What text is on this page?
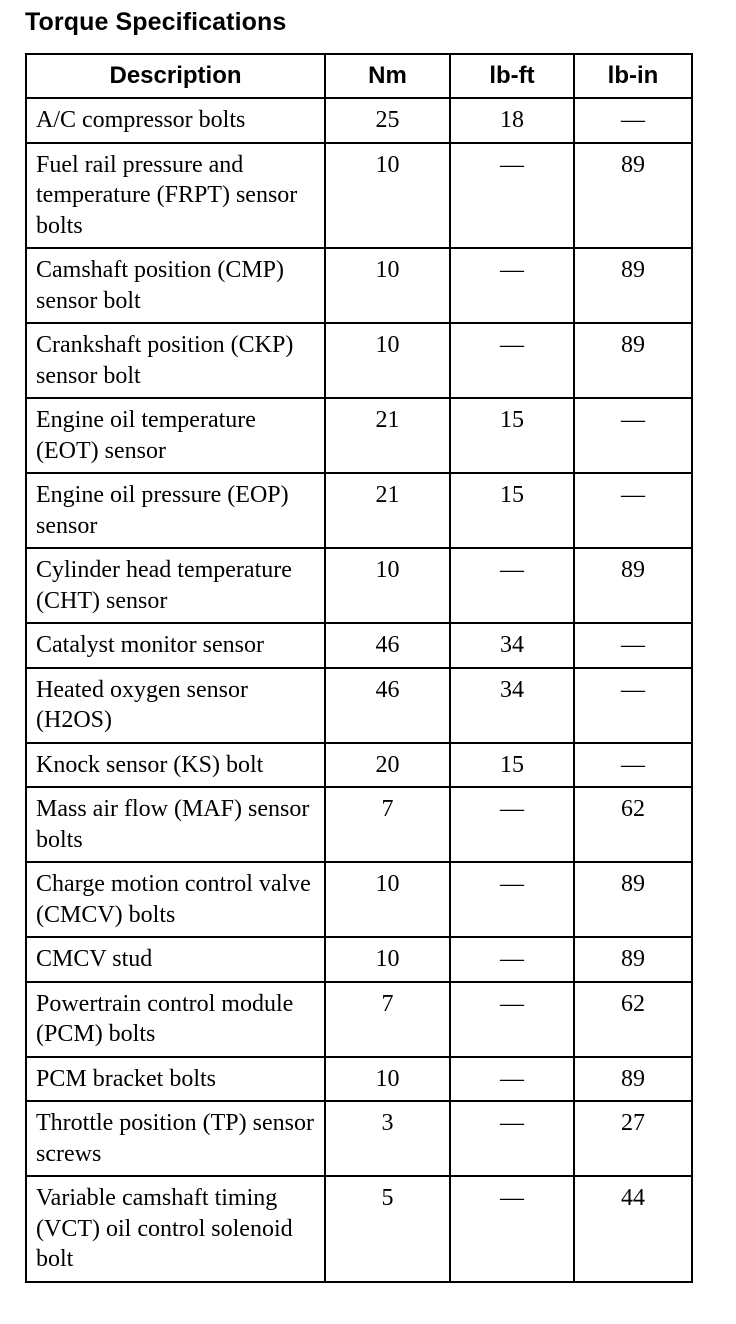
Torque Specifications
Description	Nm	lb-ft	lb-in
A/C compressor bolts	25	18	—
Fuel rail pressure and temperature (FRPT) sensor bolts	10	—	89
Camshaft position (CMP) sensor bolt	10	—	89
Crankshaft position (CKP) sensor bolt	10	—	89
Engine oil temperature (EOT) sensor	21	15	—
Engine oil pressure (EOP) sensor	21	15	—
Cylinder head temperature (CHT) sensor	10	—	89
Catalyst monitor sensor	46	34	—
Heated oxygen sensor (H2OS)	46	34	—
Knock sensor (KS) bolt	20	15	—
Mass air flow (MAF) sensor bolts	7	—	62
Charge motion control valve (CMCV) bolts	10	—	89
CMCV stud	10	—	89
Powertrain control module (PCM) bolts	7	—	62
PCM bracket bolts	10	—	89
Throttle position (TP) sensor screws	3	—	27
Variable camshaft timing (VCT) oil control solenoid bolt	5	—	44
